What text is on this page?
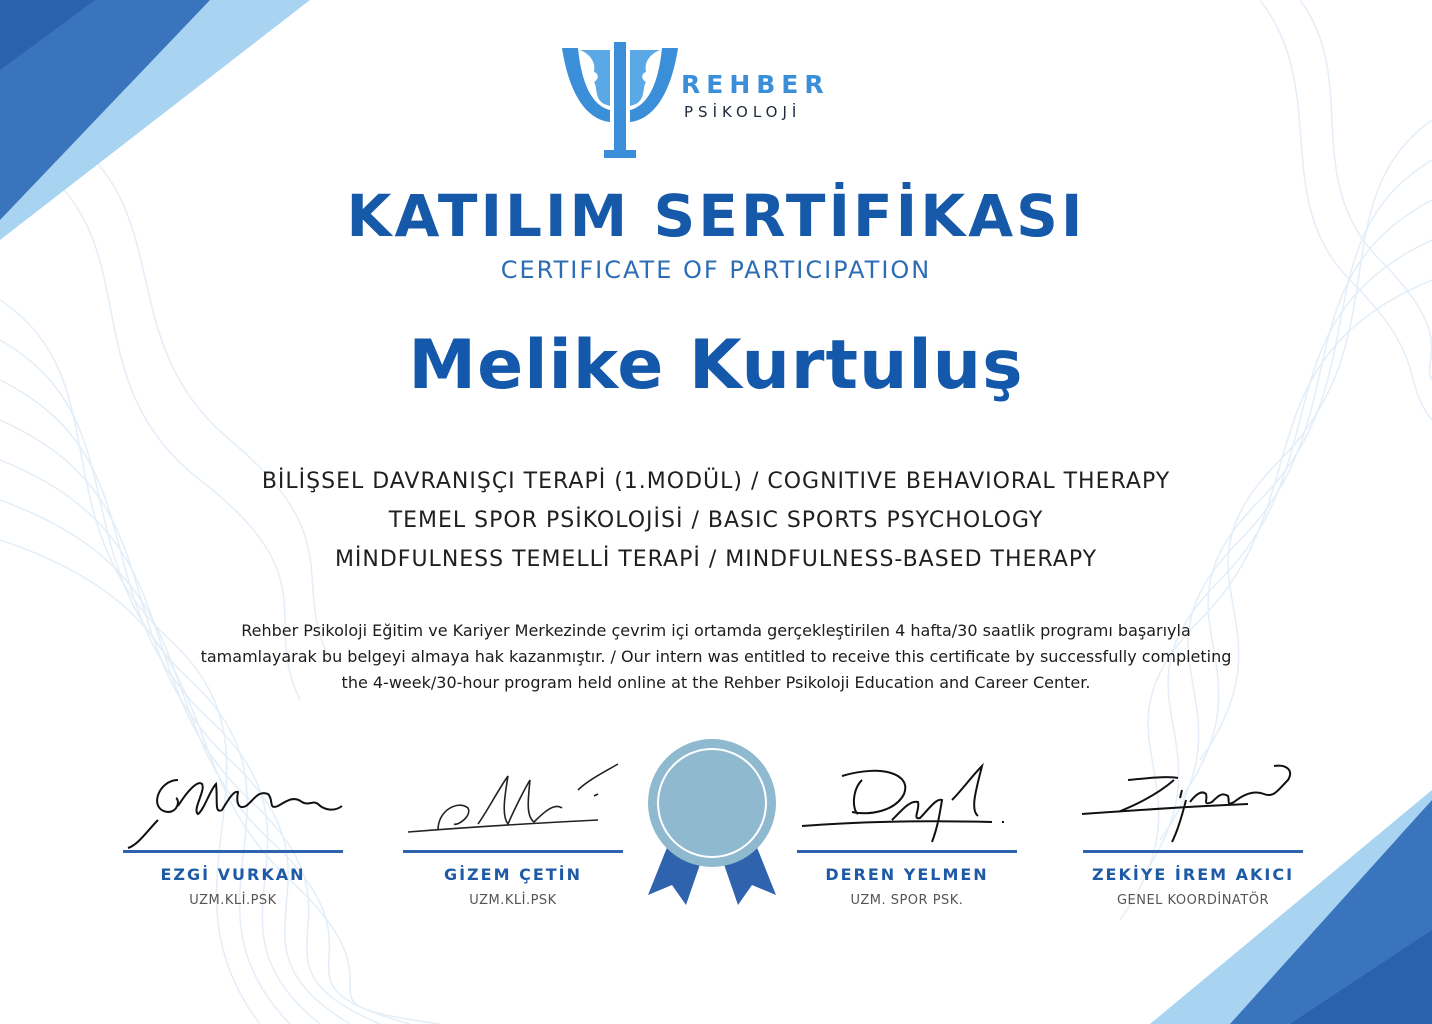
REHBER
PSİKOLOJİ
KATILIM SERTİFİKASI
CERTIFICATE OF PARTICIPATION
Melike Kurtuluş
BİLİŞSEL DAVRANIŞÇI TERAPİ (1.MODÜL) / COGNITIVE BEHAVIORAL THERAPY
TEMEL SPOR PSİKOLOJİSİ / BASIC SPORTS PSYCHOLOGY
MİNDFULNESS TEMELLİ TERAPİ / MINDFULNESS-BASED THERAPY
Rehber Psikoloji Eğitim ve Kariyer Merkezinde çevrim içi ortamda gerçekleştirilen 4 hafta/30 saatlik programı başarıyla
tamamlayarak bu belgeyi almaya hak kazanmıştır. / Our intern was entitled to receive this certificate by successfully completing
the 4-week/30-hour program held online at the Rehber Psikoloji Education and Career Center.
EZGİ VURKAN
UZM.KLİ.PSK
GİZEM ÇETİN
UZM.KLİ.PSK
DEREN YELMEN
UZM. SPOR PSK.
ZEKİYE İREM AKICI
GENEL KOORDİNATÖR
